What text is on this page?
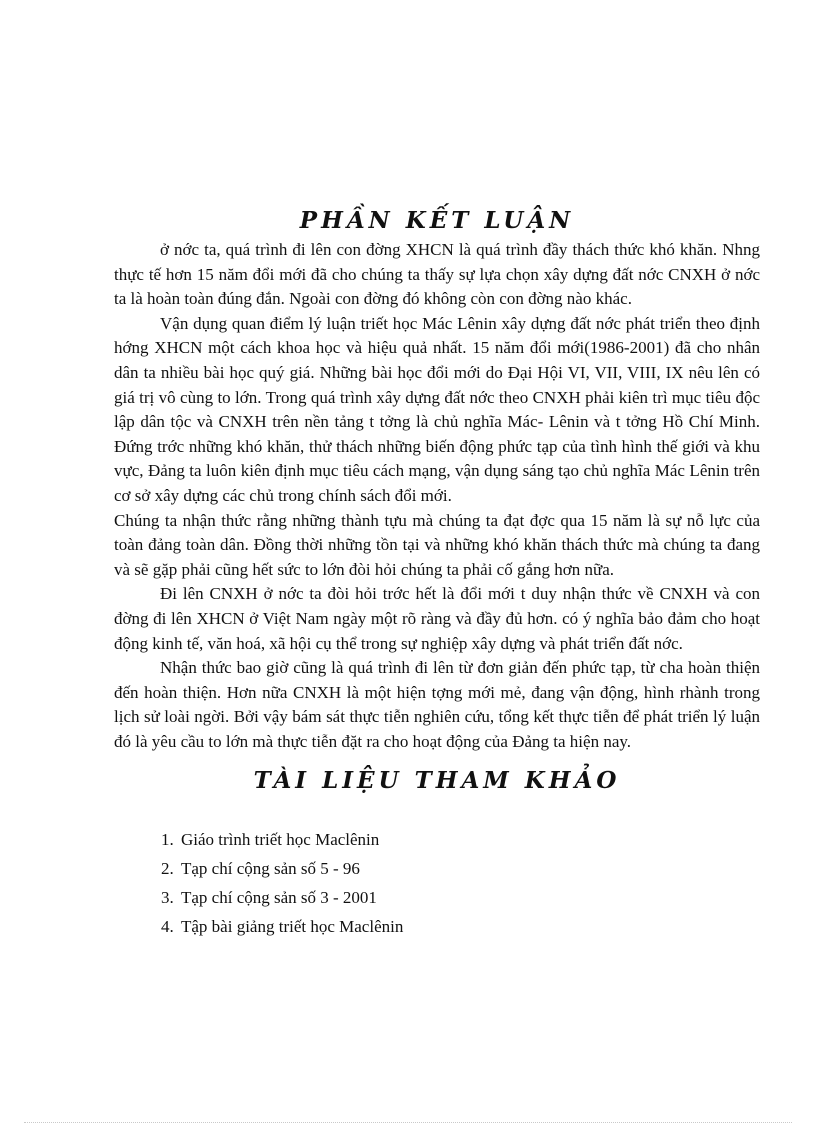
PHẦN KẾT LUẬN

ở nớc ta, quá trình đi lên con đờng XHCN là quá trình đầy thách thức khó khăn. Nhng thực tế hơn 15 năm đổi mới đã cho chúng ta thấy sự lựa chọn xây dựng đất nớc CNXH ở nớc ta là hoàn toàn đúng đắn. Ngoài con đờng đó không còn con đờng nào khác.

Vận dụng quan điểm lý luận triết học Mác Lênin xây dựng đất nớc phát triển theo định hớng XHCN một cách khoa học và hiệu quả nhất. 15 năm đổi mới(1986-2001) đã cho nhân dân ta nhiều bài học quý giá. Những bài học đổi mới do Đại Hội VI, VII, VIII, IX nêu lên có giá trị vô cùng to lớn. Trong quá trình xây dựng đất nớc theo CNXH phải kiên trì mục tiêu độc lập dân tộc và CNXH trên nền tảng t tởng là chủ nghĩa Mác- Lênin và t tởng Hồ Chí Minh. Đứng trớc những khó khăn, thử thách những biến động phức tạp của tình hình thế giới và khu vực, Đảng ta luôn kiên định mục tiêu cách mạng, vận dụng sáng tạo chủ nghĩa Mác Lênin trên cơ sở xây dựng các chủ trong chính sách đổi mới.

Chúng ta nhận thức rằng những thành tựu mà chúng ta đạt đợc qua 15 năm là sự nỗ lực của toàn đảng toàn dân. Đồng thời những tồn tại và những khó khăn thách thức mà chúng ta đang và sẽ gặp phải cũng hết sức to lớn đòi hỏi chúng ta phải cố gắng hơn nữa.

Đi lên CNXH ở nớc ta đòi hỏi trớc hết là đổi mới t duy nhận thức về CNXH và con đờng đi lên XHCN ở Việt Nam ngày một rõ ràng và đầy đủ hơn. có ý nghĩa bảo đảm cho hoạt động kinh tế, văn hoá, xã hội cụ thể trong sự nghiệp xây dựng và phát triển đất nớc.

Nhận thức bao giờ cũng là quá trình đi lên từ đơn giản đến phức tạp, từ cha hoàn thiện đến hoàn thiện. Hơn nữa CNXH là một hiện tợng mới mẻ, đang vận động, hình rhành trong lịch sử loài ngời. Bởi vậy bám sát thực tiễn nghiên cứu, tổng kết thực tiễn để phát triển lý luận đó là yêu cầu to lớn mà thực tiễn đặt ra cho hoạt động của Đảng ta hiện nay.

TÀI LIỆU THAM KHẢO
1. Giáo trình triết học Maclênin
2. Tạp chí cộng sản số 5 - 96
3. Tạp chí cộng sản số 3 - 2001
4. Tập bài giảng triết học Maclênin
